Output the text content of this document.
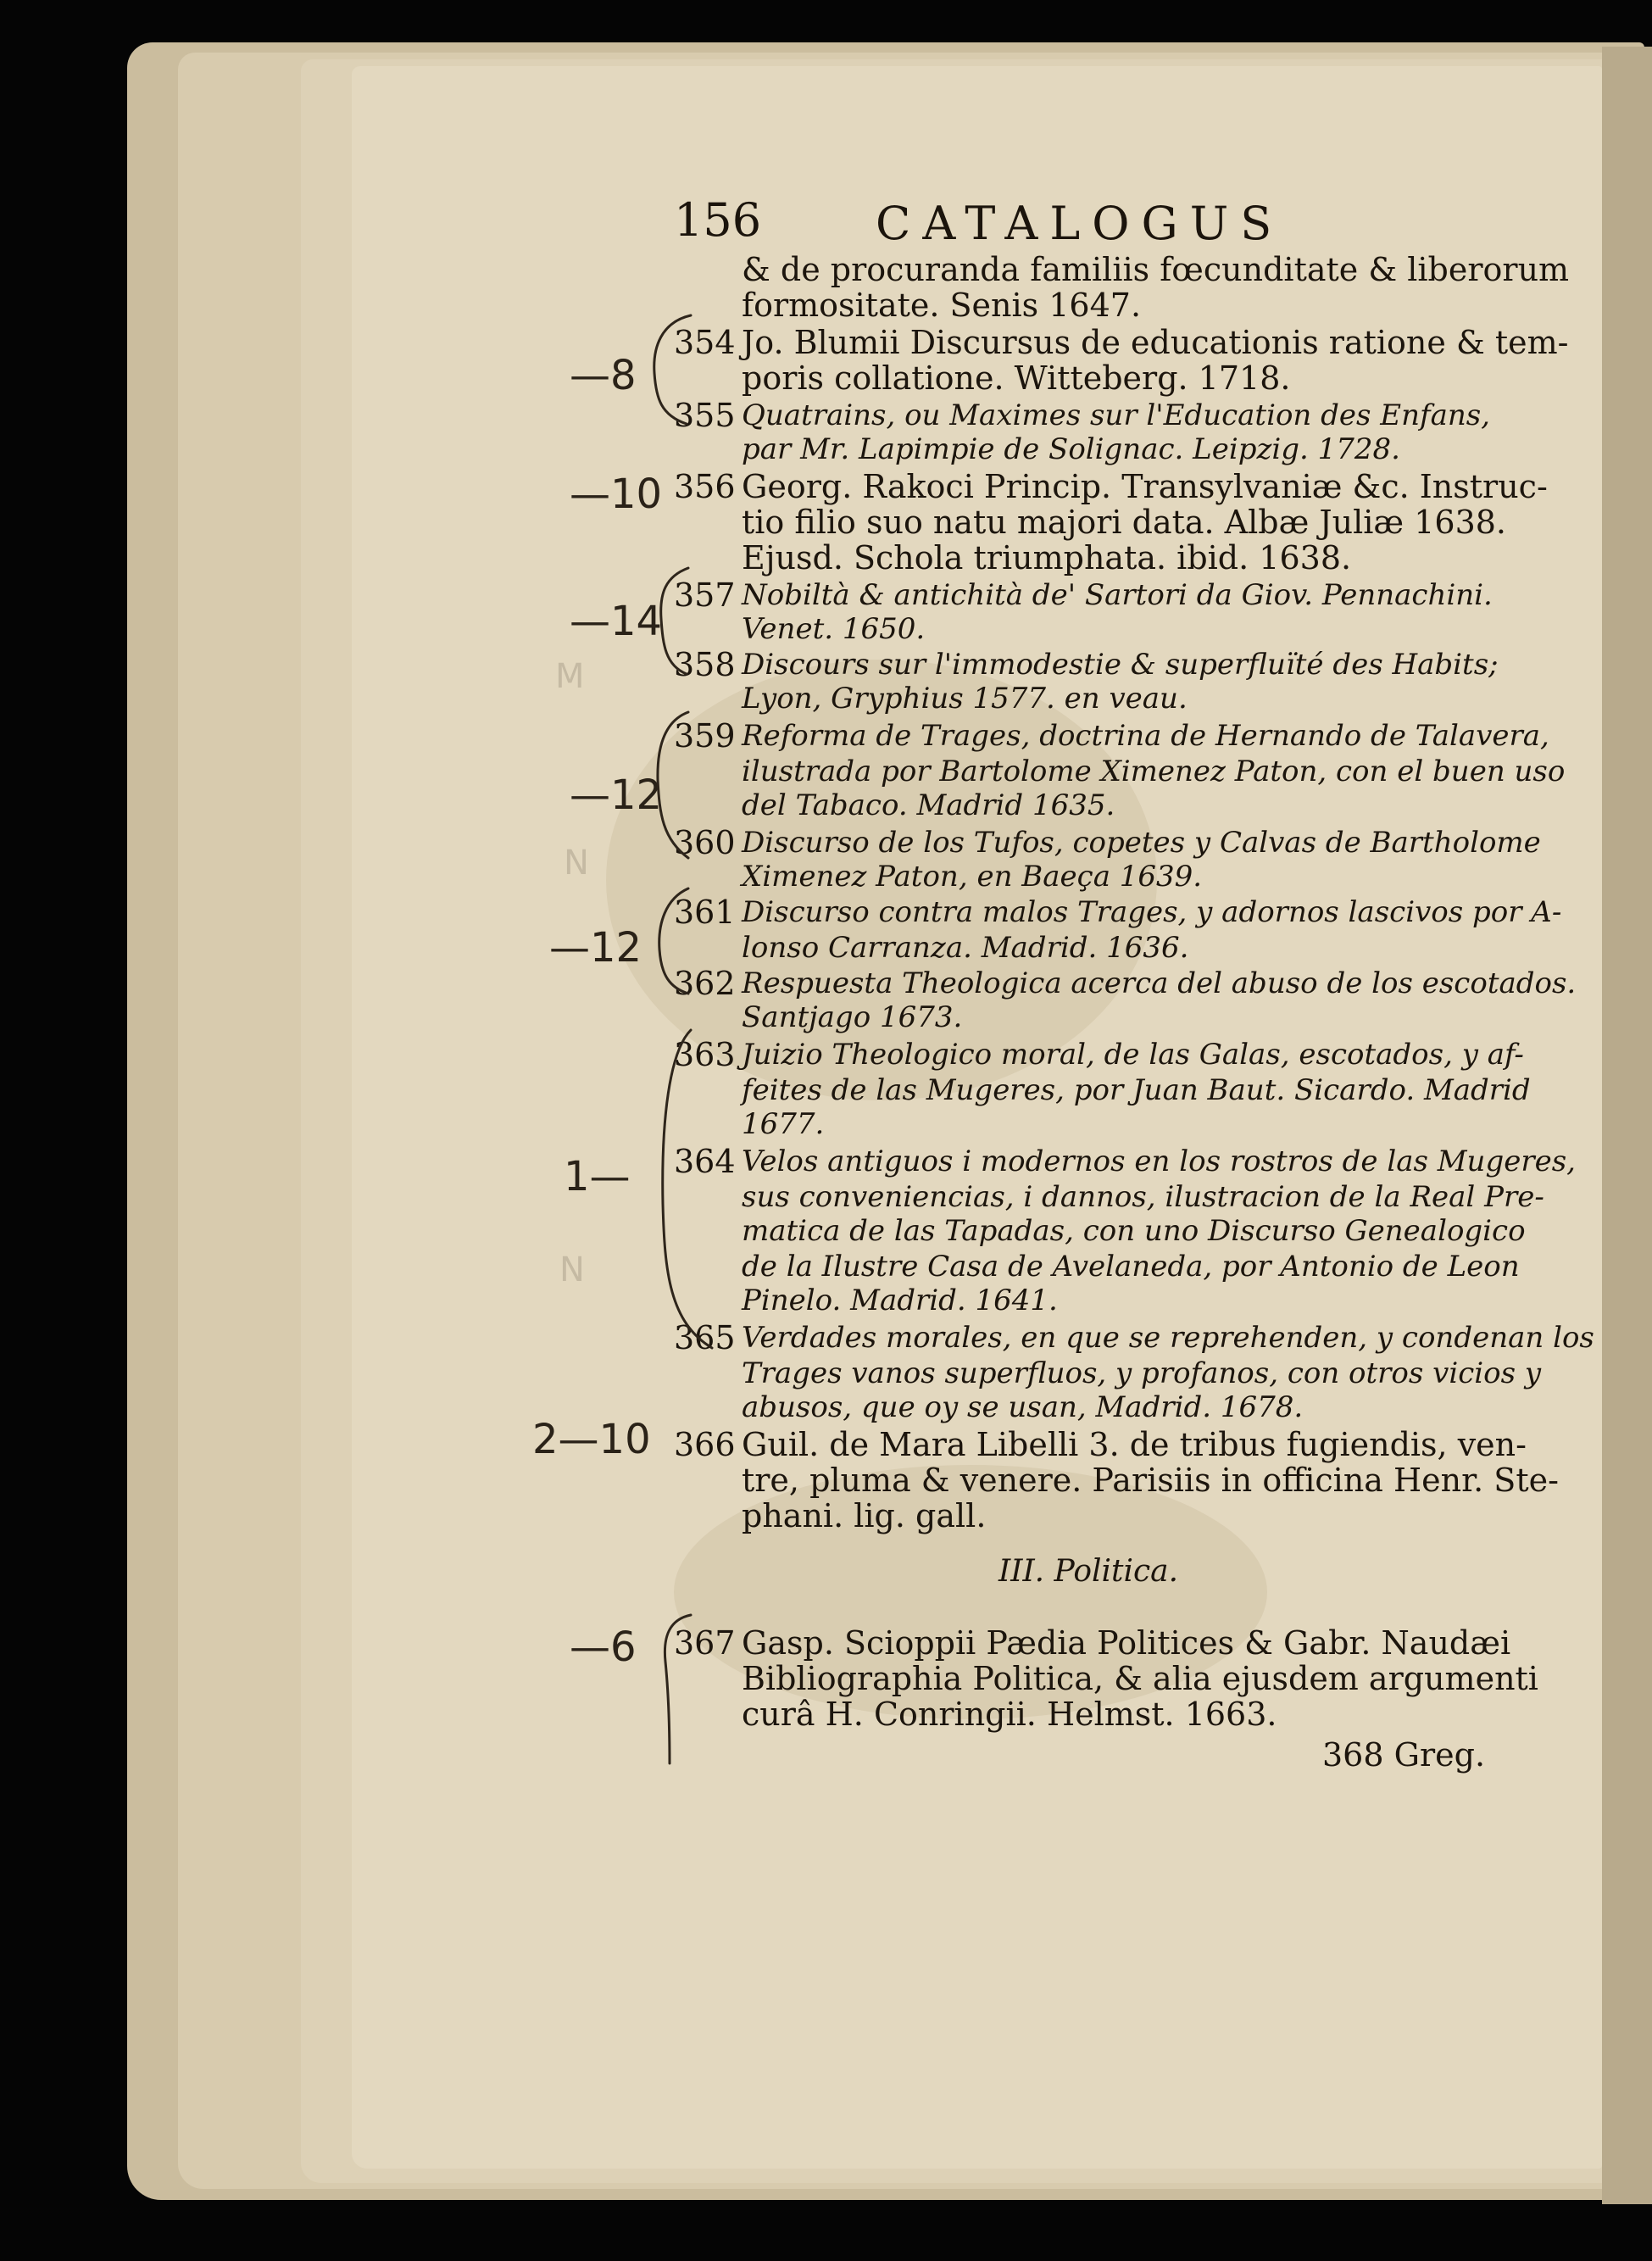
156 CATALOGUS
& de procuranda familiis fœcunditate & liberorum
formositate. Senis 1647.
354 Jo. Blumii Discursus de educationis ratione & tem-
poris collatione. Witteberg. 1718.
355 Quatrains, ou Maximes sur l'Education des Enfans,
par Mr. Lapimpie de Solignac. Leipzig. 1728.
356 Georg. Rakoci Princip. Transylvaniæ &c. Instruc-
tio filio suo natu majori data. Albæ Juliæ 1638.
Ejusd. Schola triumphata. ibid. 1638.
357 Nobiltà & antichità de' Sartori da Giov. Pennachini.
Venet. 1650.
358 Discours sur l'immodestie & superfluïté des Habits;
Lyon, Gryphius 1577. en veau.
359 Reforma de Trages, doctrina de Hernando de Talavera,
ilustrada por Bartolome Ximenez Paton, con el buen uso
del Tabaco. Madrid 1635.
360 Discurso de los Tufos, copetes y Calvas de Bartholome
Ximenez Paton, en Baeça 1639.
361 Discurso contra malos Trages, y adornos lascivos por A-
lonso Carranza. Madrid. 1636.
362 Respuesta Theologica acerca del abuso de los escotados.
Santjago 1673.
363 Juizio Theologico moral, de las Galas, escotados, y af-
feites de las Mugeres, por Juan Baut. Sicardo. Madrid
1677.
364 Velos antiguos i modernos en los rostros de las Mugeres,
sus conveniencias, i dannos, ilustracion de la Real Pre-
matica de las Tapadas, con uno Discurso Genealogico
de la Ilustre Casa de Avelaneda, por Antonio de Leon
Pinelo. Madrid. 1641.
365 Verdades morales, en que se reprehenden, y condenan los
Trages vanos superfluos, y profanos, con otros vicios y
abusos, que oy se usan, Madrid. 1678.
366 Guil. de Mara Libelli 3. de tribus fugiendis, ven-
tre, pluma & venere. Parisiis in officina Henr. Ste-
phani. lig. gall.
367 Gasp. Scioppii Pædia Politices & Gabr. Naudæi
Bibliographia Politica, & alia ejusdem argumenti
curâ H. Conringii. Helmst. 1663.
III. Politica.
368 Greg.
—8
—10
—14
—12
—12
1—
2—10
—6
M
N
N
